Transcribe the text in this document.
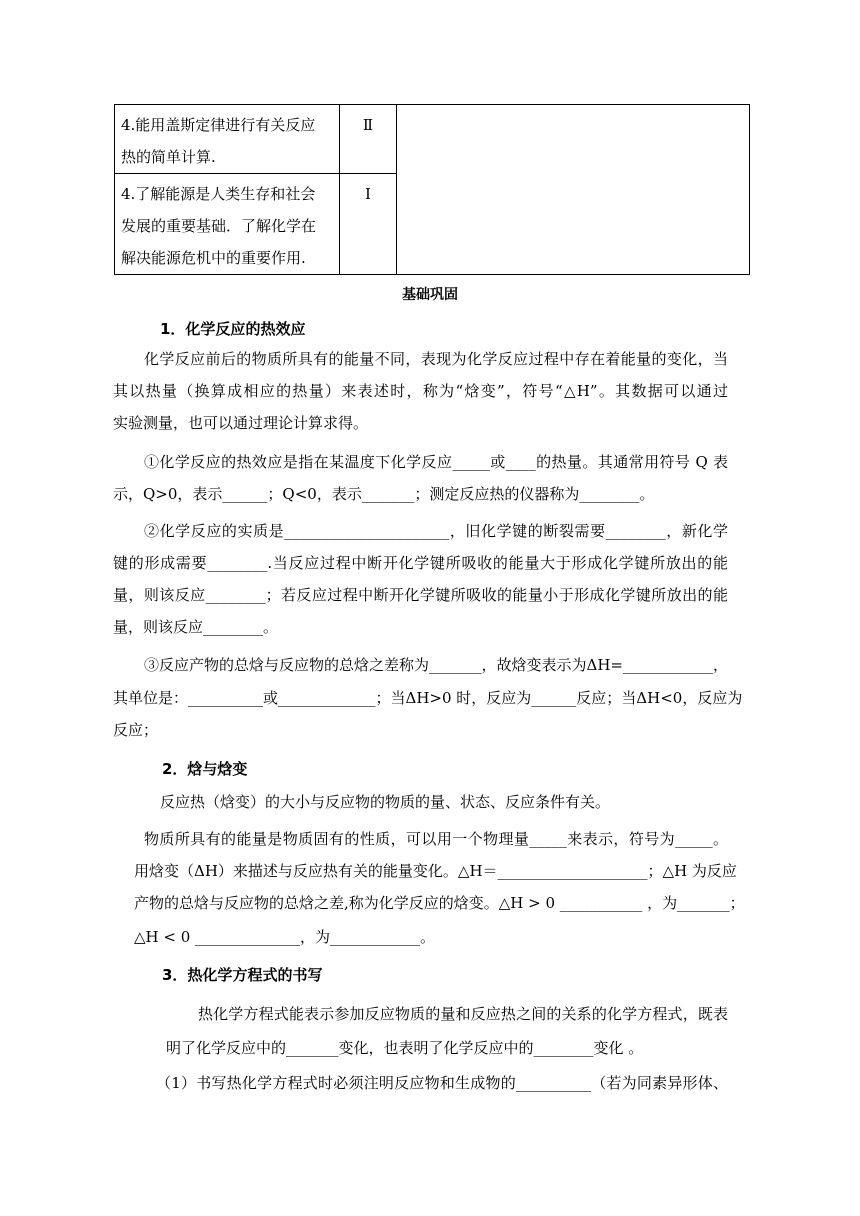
4.能用盖斯定律进行有关反应
热的简单计算.	Ⅱ	

4.了解能源是人类生存和社会
发展的重要基础．了解化学在
解决能源危机中的重要作用.	Ⅰ	
基础巩固
1．化学反应的热效应
化学反应前后的物质所具有的能量不同，表现为化学反应过程中存在着能量的变化，当
其以热量（换算成相应的热量）来表述时，称为“焓变”，符号“△H”。其数据可以通过
实验测量，也可以通过理论计算求得。
①化学反应的热效应是指在某温度下化学反应_____或____的热量。其通常用符号 Q 表
示，Q>0，表示______；Q<0，表示_______；测定反应热的仪器称为________。
②化学反应的实质是______________________，旧化学键的断裂需要________，新化学
键的形成需要________.当反应过程中断开化学键所吸收的能量大于形成化学键所放出的能
量，则该反应________；若反应过程中断开化学键所吸收的能量小于形成化学键所放出的能
量，则该反应________。
③反应产物的总焓与反应物的总焓之差称为_______，故焓变表示为ΔH=____________，
其单位是：__________或_____________；当ΔH>0 时，反应为______反应；当ΔH<0，反应为
反应；
2．焓与焓变
反应热（焓变）的大小与反应物的物质的量、状态、反应条件有关。
物质所具有的能量是物质固有的性质，可以用一个物理量_____来表示，符号为_____。
用焓变（ΔH）来描述与反应热有关的能量变化。△H＝____________________；△H 为反应
产物的总焓与反应物的总焓之差,称为化学反应的焓变。△H > 0 ___________ ，为_______；
△H < 0 ______________，为____________。
3．热化学方程式的书写
热化学方程式能表示参加反应物质的量和反应热之间的关系的化学方程式，既表
明了化学反应中的_______变化，也表明了化学反应中的________变化 。
（1）书写热化学方程式时必须注明反应物和生成物的__________（若为同素异形体、
